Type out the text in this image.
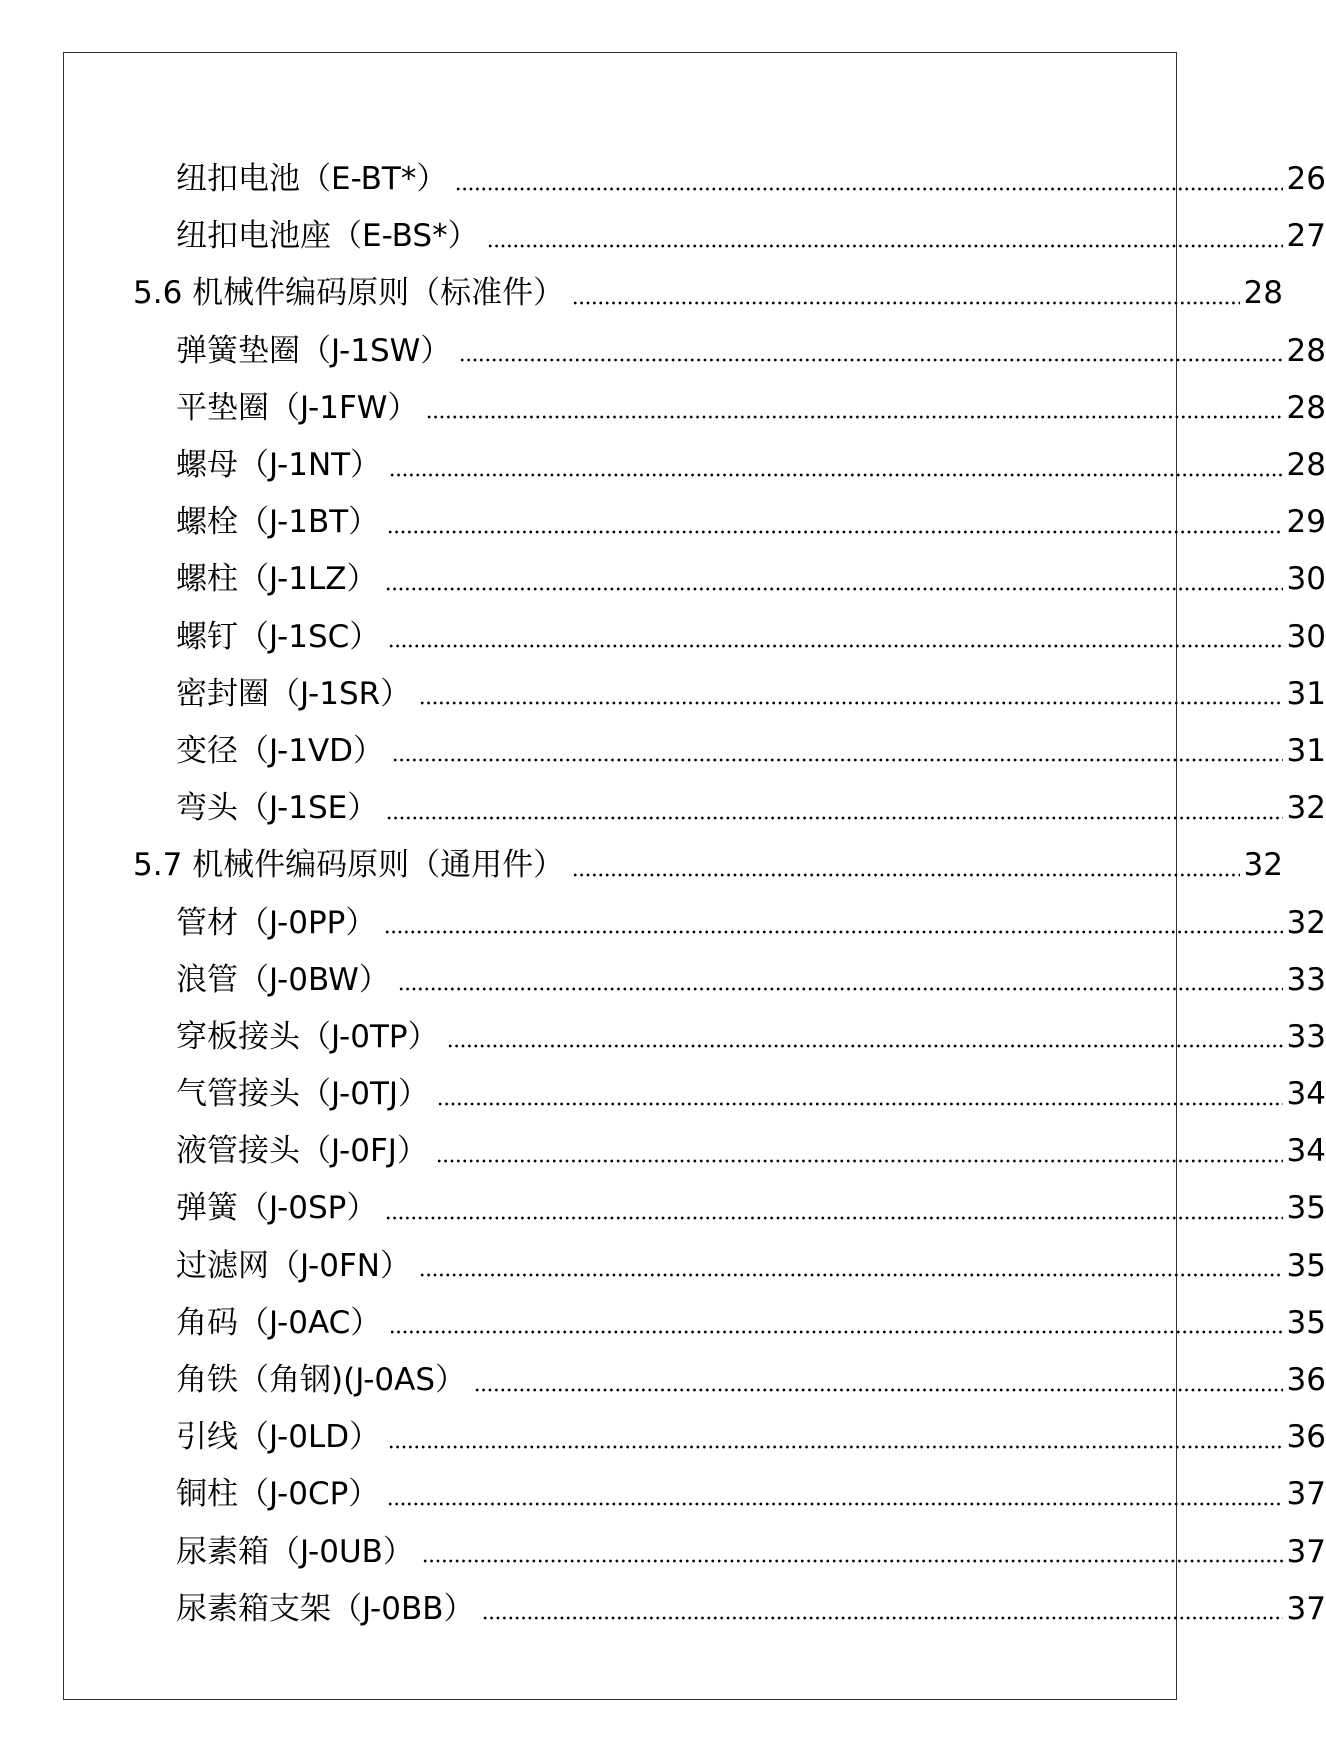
纽扣电池（E-BT*）	26
纽扣电池座（E-BS*）	27
5.6 机械件编码原则（标准件）	28
弹簧垫圈（J-1SW）	28
平垫圈（J-1FW）	28
螺母（J-1NT）	28
螺栓（J-1BT）	29
螺柱（J-1LZ）	30
螺钉（J-1SC）	30
密封圈（J-1SR）	31
变径（J-1VD）	31
弯头（J-1SE）	32
5.7 机械件编码原则（通用件）	32
管材（J-0PP）	32
浪管（J-0BW）	33
穿板接头（J-0TP）	33
气管接头（J-0TJ）	34
液管接头（J-0FJ）	34
弹簧（J-0SP）	35
过滤网（J-0FN）	35
角码（J-0AC）	35
角铁（角钢)(J-0AS）	36
引线（J-0LD）	36
铜柱（J-0CP）	37
尿素箱（J-0UB）	37
尿素箱支架（J-0BB）	37
